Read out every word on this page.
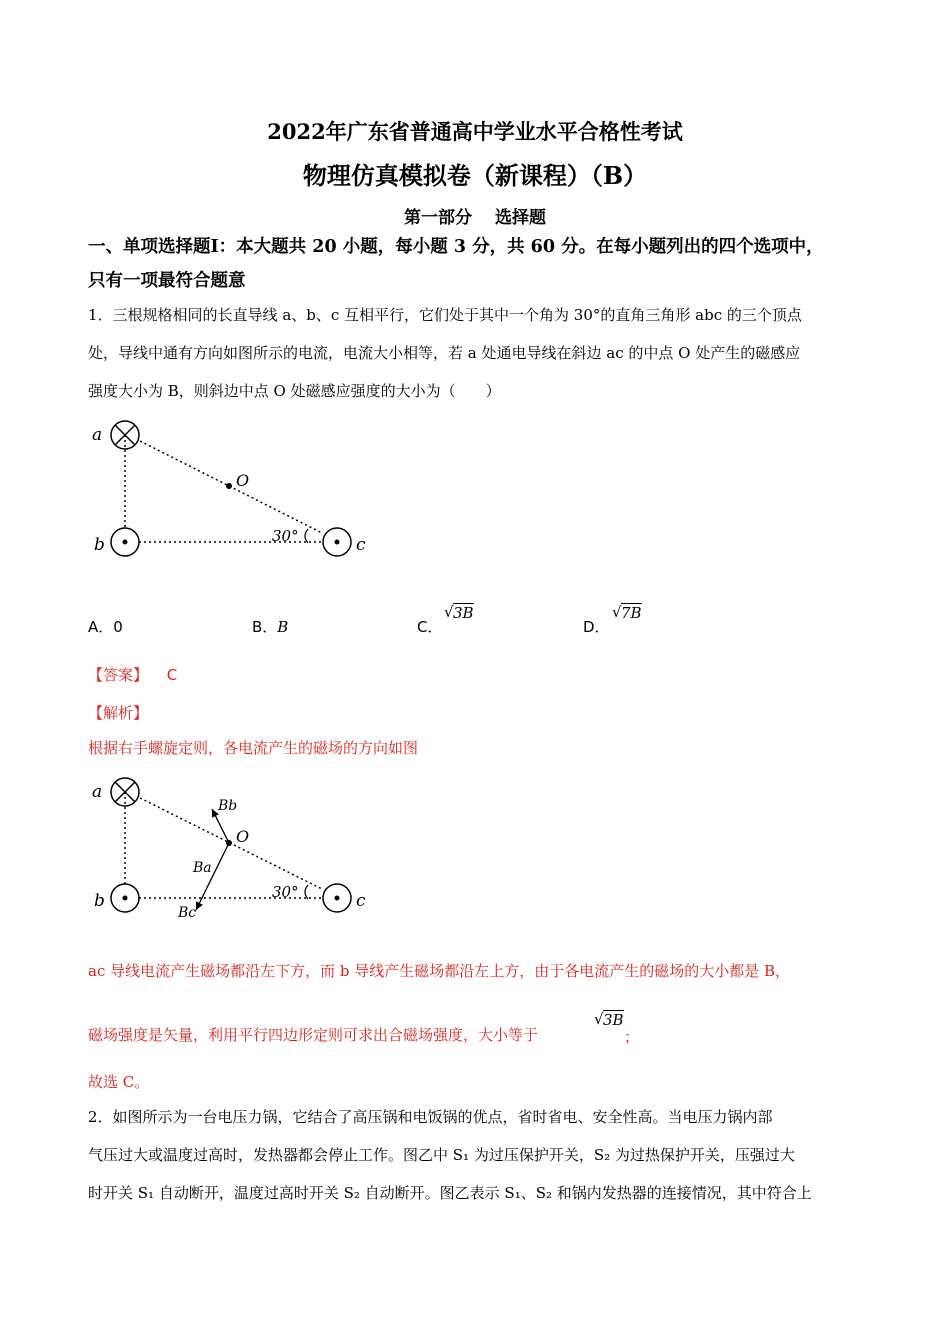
2022年广东省普通高中学业水平合格性考试
物理仿真模拟卷（新课程）（B）
第一部分　 选择题
一、单项选择题Ⅰ：本大题共 20 小题，每小题 3 分，共 60 分。在每小题列出的四个选项中，
只有一项最符合题意
1．三根规格相同的长直导线 a、b、c 互相平行，它们处于其中一个角为 30°的直角三角形 abc 的三个顶点
处，导线中通有方向如图所示的电流，电流大小相等，若 a 处通电导线在斜边 ac 的中点 O 处产生的磁感应
强度大小为 B，则斜边中点 O 处磁感应强度的大小为（　　）
a
b	c
O
30°
A．0	B．B	C．
√ 3B
D．
√ 7B
【答案】 C
【解析】
根据右手螺旋定则，各电流产生的磁场的方向如图
a
b	c
O
30°
Bb
Ba
Bc
ac 导线电流产生磁场都沿左下方，而 b 导线产生磁场都沿左上方，由于各电流产生的磁场的大小都是 B，
磁场强度是矢量，利用平行四边形定则可求出合磁场强度，大小等于
√ 3B
；
故选 C。
2．如图所示为一台电压力锅，它结合了高压锅和电饭锅的优点，省时省电、安全性高。当电压力锅内部
气压过大或温度过高时，发热器都会停止工作。图乙中 S₁ 为过压保护开关，S₂ 为过热保护开关，压强过大
时开关 S₁ 自动断开，温度过高时开关 S₂ 自动断开。图乙表示 S₁、S₂ 和锅内发热器的连接情况，其中符合上
